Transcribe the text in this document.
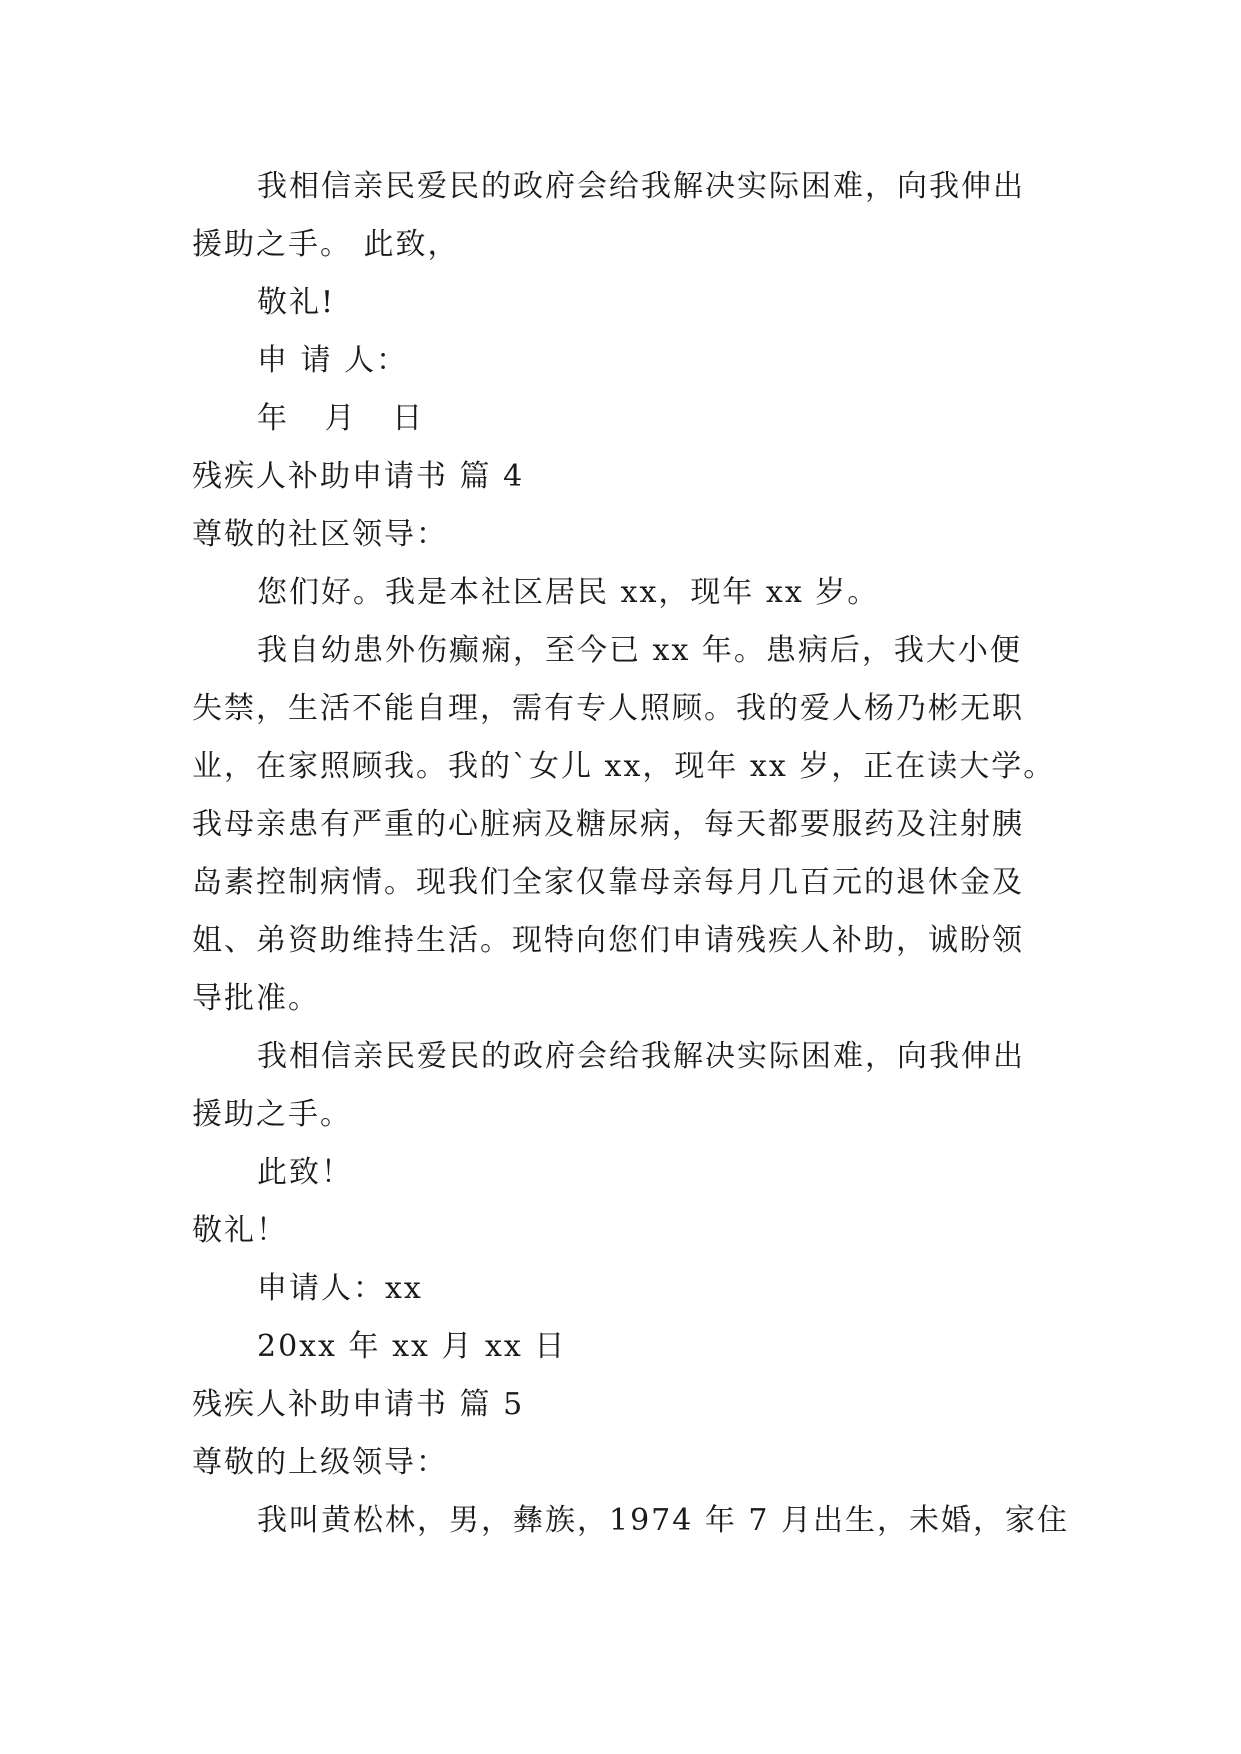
我相信亲民爱民的政府会给我解决实际困难，向我伸出
援助之手。 此致，
敬礼!
申 请 人：
年 月 日
残疾人补助申请书 篇 4
尊敬的社区领导：
您们好。我是本社区居民 xx，现年 xx 岁。
我自幼患外伤癫痫，至今已 xx 年。患病后，我大小便
失禁，生活不能自理，需有专人照顾。我的爱人杨乃彬无职
业，在家照顾我。我的`女儿 xx，现年 xx 岁，正在读大学。
我母亲患有严重的心脏病及糖尿病，每天都要服药及注射胰
岛素控制病情。现我们全家仅靠母亲每月几百元的退休金及
姐、弟资助维持生活。现特向您们申请残疾人补助，诚盼领
导批准。
我相信亲民爱民的政府会给我解决实际困难，向我伸出
援助之手。
此致！
敬礼！
申请人：xx
20xx 年 xx 月 xx 日
残疾人补助申请书 篇 5
尊敬的上级领导：
我叫黄松林，男，彝族，1974 年 7 月出生，未婚，家住
